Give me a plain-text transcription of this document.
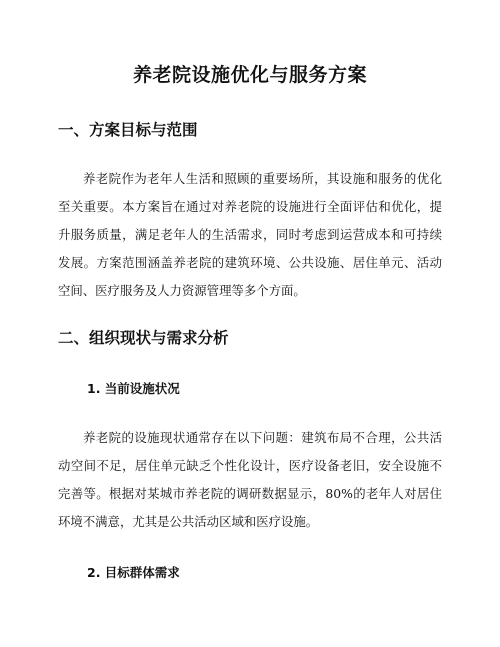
养老院设施优化与服务方案
一、方案目标与范围

养老院作为老年人生活和照顾的重要场所，其设施和服务的优化至关重要。本方案旨在通过对养老院的设施进行全面评估和优化，提升服务质量，满足老年人的生活需求，同时考虑到运营成本和可持续发展。方案范围涵盖养老院的建筑环境、公共设施、居住单元、活动空间、医疗服务及人力资源管理等多个方面。

二、组织现状与需求分析
1. 当前设施状况

养老院的设施现状通常存在以下问题：建筑布局不合理，公共活动空间不足，居住单元缺乏个性化设计，医疗设备老旧，安全设施不完善等。根据对某城市养老院的调研数据显示，80%的老年人对居住环境不满意，尤其是公共活动区域和医疗设施。

2. 目标群体需求
